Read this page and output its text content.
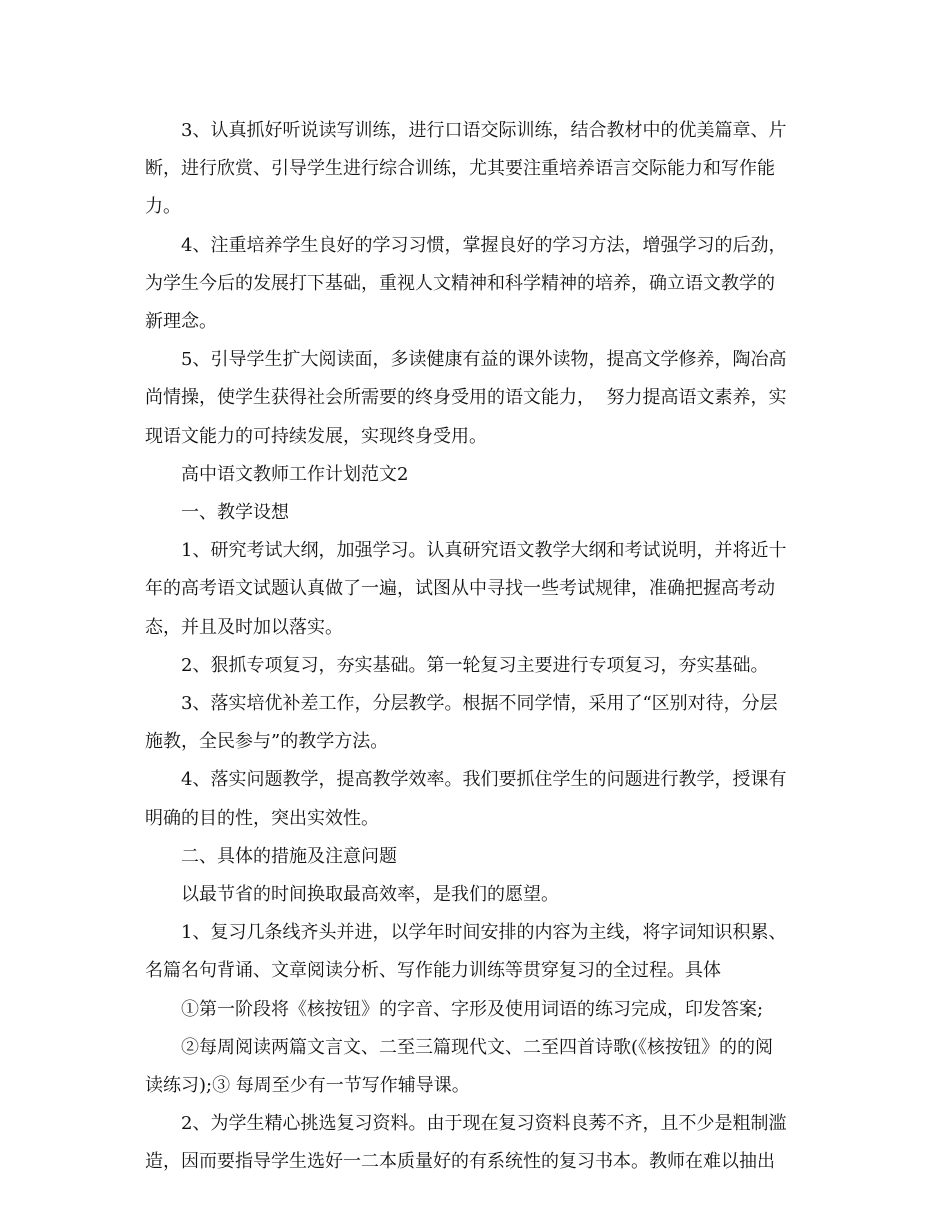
3、认真抓好听说读写训练，进行口语交际训练，结合教材中的优美篇章、片
断，进行欣赏、引导学生进行综合训练，尤其要注重培养语言交际能力和写作能
力。
4、注重培养学生良好的学习习惯，掌握良好的学习方法，增强学习的后劲，
为学生今后的发展打下基础，重视人文精神和科学精神的培养，确立语文教学的
新理念。
5、引导学生扩大阅读面，多读健康有益的课外读物，提高文学修养，陶冶高
尚情操，使学生获得社会所需要的终身受用的语文能力，  努力提高语文素养，实
现语文能力的可持续发展，实现终身受用。
高中语文教师工作计划范文2
一、教学设想
1、研究考试大纲，加强学习。认真研究语文教学大纲和考试说明，并将近十
年的高考语文试题认真做了一遍，试图从中寻找一些考试规律，准确把握高考动
态，并且及时加以落实。
2、狠抓专项复习，夯实基础。第一轮复习主要进行专项复习，夯实基础。
3、落实培优补差工作，分层教学。根据不同学情，采用了“区别对待，分层
施教，全民参与”的教学方法。
4、落实问题教学，提高教学效率。我们要抓住学生的问题进行教学，授课有
明确的目的性，突出实效性。
二、具体的措施及注意问题
以最节省的时间换取最高效率，是我们的愿望。
1、复习几条线齐头并进，以学年时间安排的内容为主线，将字词知识积累、
名篇名句背诵、文章阅读分析、写作能力训练等贯穿复习的全过程。具体
①第一阶段将《核按钮》的字音、字形及使用词语的练习完成，印发答案;
②每周阅读两篇文言文、二至三篇现代文、二至四首诗歌(《核按钮》的的阅
读练习);③ 每周至少有一节写作辅导课。
2、为学生精心挑选复习资料。由于现在复习资料良莠不齐，且不少是粗制滥
造，因而要指导学生选好一二本质量好的有系统性的复习书本。教师在难以抽出
